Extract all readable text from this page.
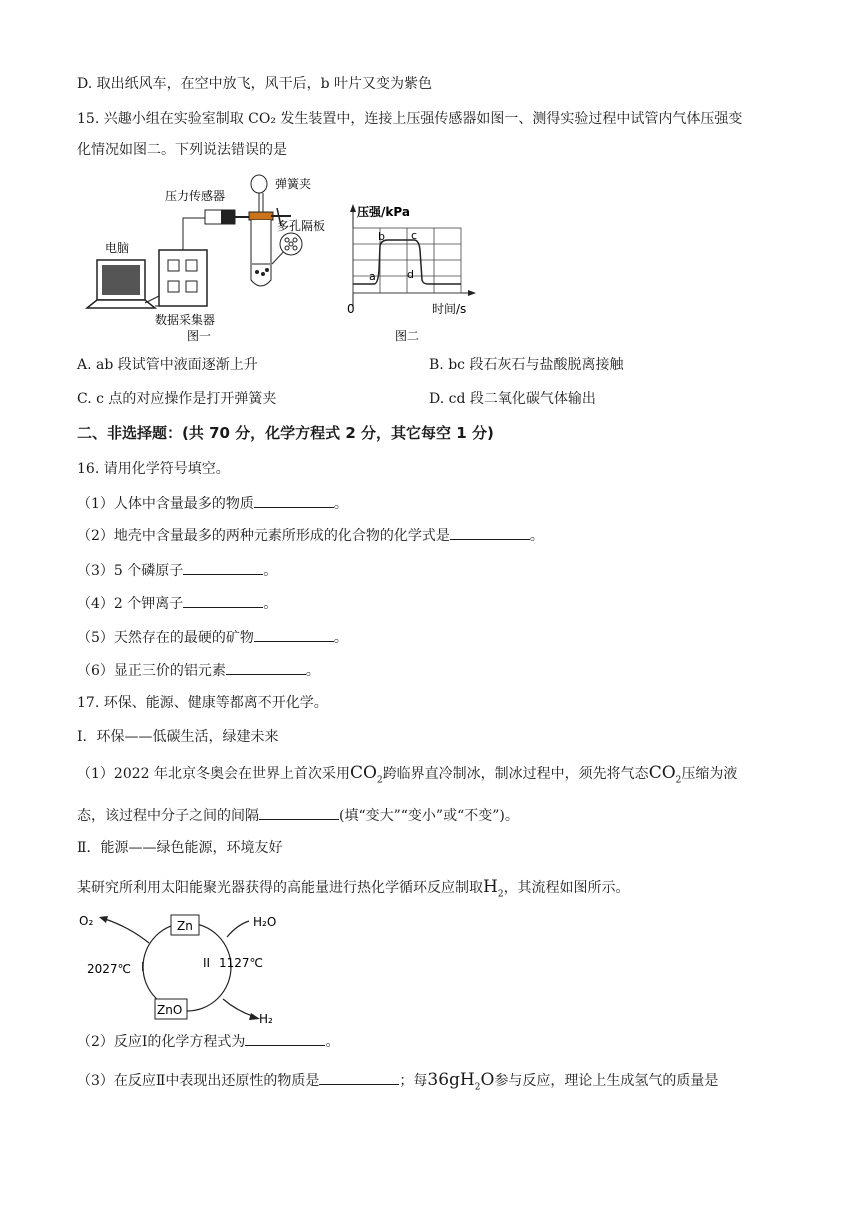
D. 取出纸风车，在空中放飞，风干后，b 叶片又变为紫色
15. 兴趣小组在实验室制取 CO₂ 发生装置中，连接上压强传感器如图一、测得实验过程中试管内气体压强变
化情况如图二。下列说法错误的是
电脑
数据采集器
图一
压力传感器
弹簧夹
多孔隔板
压强/kPa
a
b c
d
0	时间/s
图二
A. ab 段试管中液面逐渐上升	B. bc 段石灰石与盐酸脱离接触
C. c 点的对应操作是打开弹簧夹	D. cd 段二氧化碳气体输出
二、非选择题：(共 70 分，化学方程式 2 分，其它每空 1 分)
16. 请用化学符号填空。
（1）人体中含量最多的物质	。
（2）地壳中含量最多的两种元素所形成的化合物的化学式是	。
（3）5 个磷原子	。
（4）2 个钾离子	。
（5）天然存在的最硬的矿物	。
（6）显正三价的铝元素	。
17. 环保、能源、健康等都离不开化学。
Ⅰ．环保——低碳生活，绿建未来
（1）2022 年北京冬奥会在世界上首次采用$CO_2$跨临界直冷制冰，制冰过程中，须先将气态$CO_2$压缩为液
态，该过程中分子之间的间隔	(填“变大”“变小”或“不变”)。
Ⅱ．能源——绿色能源，环境友好
某研究所利用太阳能聚光器获得的高能量进行热化学循环反应制取$H_2$，其流程如图所示。
O₂	Zn	H₂O
2027℃ I	II 1127℃
ZnO
H₂
（2）反应Ⅰ的化学方程式为	。
（3）在反应Ⅱ中表现出还原性的物质是	；每$36gH_2O$参与反应，理论上生成氢气的质量是
